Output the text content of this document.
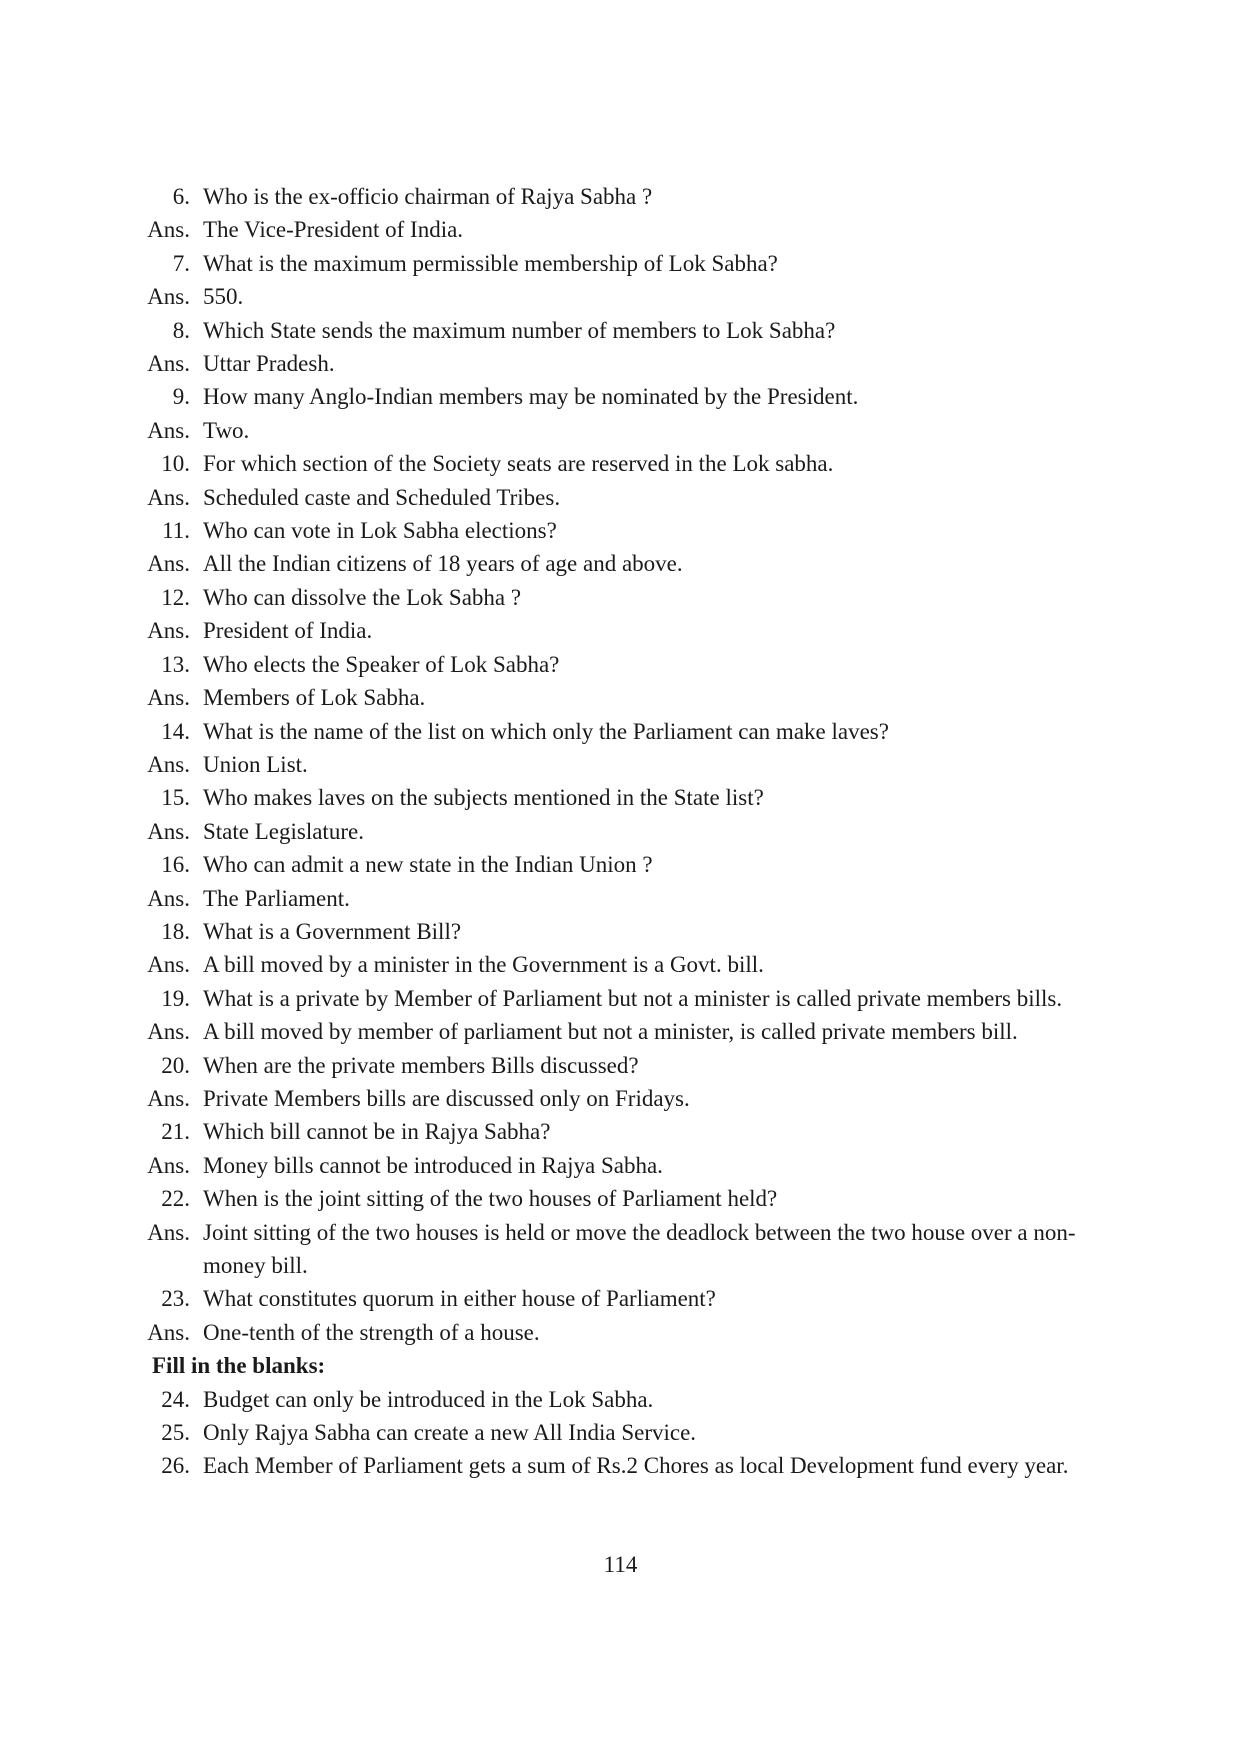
6. Who is the ex-officio chairman of Rajya Sabha ?
Ans. The Vice-President of India.
7. What is the maximum permissible membership of Lok Sabha?
Ans. 550.
8. Which State sends the maximum number of members to Lok Sabha?
Ans. Uttar Pradesh.
9. How many Anglo-Indian members may be nominated by the President.
Ans. Two.
10. For which section of the Society seats are reserved in the Lok sabha.
Ans. Scheduled caste and Scheduled Tribes.
11. Who can vote in Lok Sabha elections?
Ans. All the Indian citizens of 18 years of age and above.
12. Who can dissolve the Lok Sabha ?
Ans. President of India.
13. Who elects the Speaker of Lok Sabha?
Ans. Members of Lok Sabha.
14. What is the name of the list on which only the Parliament can make laves?
Ans. Union List.
15. Who makes laves on the subjects mentioned in the State list?
Ans. State Legislature.
16. Who can admit a new state in the Indian Union ?
Ans. The Parliament.
18. What is a Government Bill?
Ans. A bill moved by a minister in the Government is a Govt. bill.
19. What is a private by Member of Parliament but not a minister is called private members bills.
Ans. A bill moved by member of parliament but not a minister, is called private members bill.
20. When are the private members Bills discussed?
Ans. Private Members bills are discussed only on Fridays.
21. Which bill cannot be in Rajya Sabha?
Ans. Money bills cannot be introduced in Rajya Sabha.
22. When is the joint sitting of the two houses of Parliament held?
Ans. Joint sitting of the two houses is held or move the deadlock between the two house over a non-money bill.
23. What constitutes quorum in either house of Parliament?
Ans. One-tenth of the strength of a house.
Fill in the blanks:
24. Budget can only be introduced in the Lok Sabha.
25. Only Rajya Sabha can create a new All India Service.
26. Each Member of Parliament gets a sum of Rs.2 Chores as local Development fund every year.
114
